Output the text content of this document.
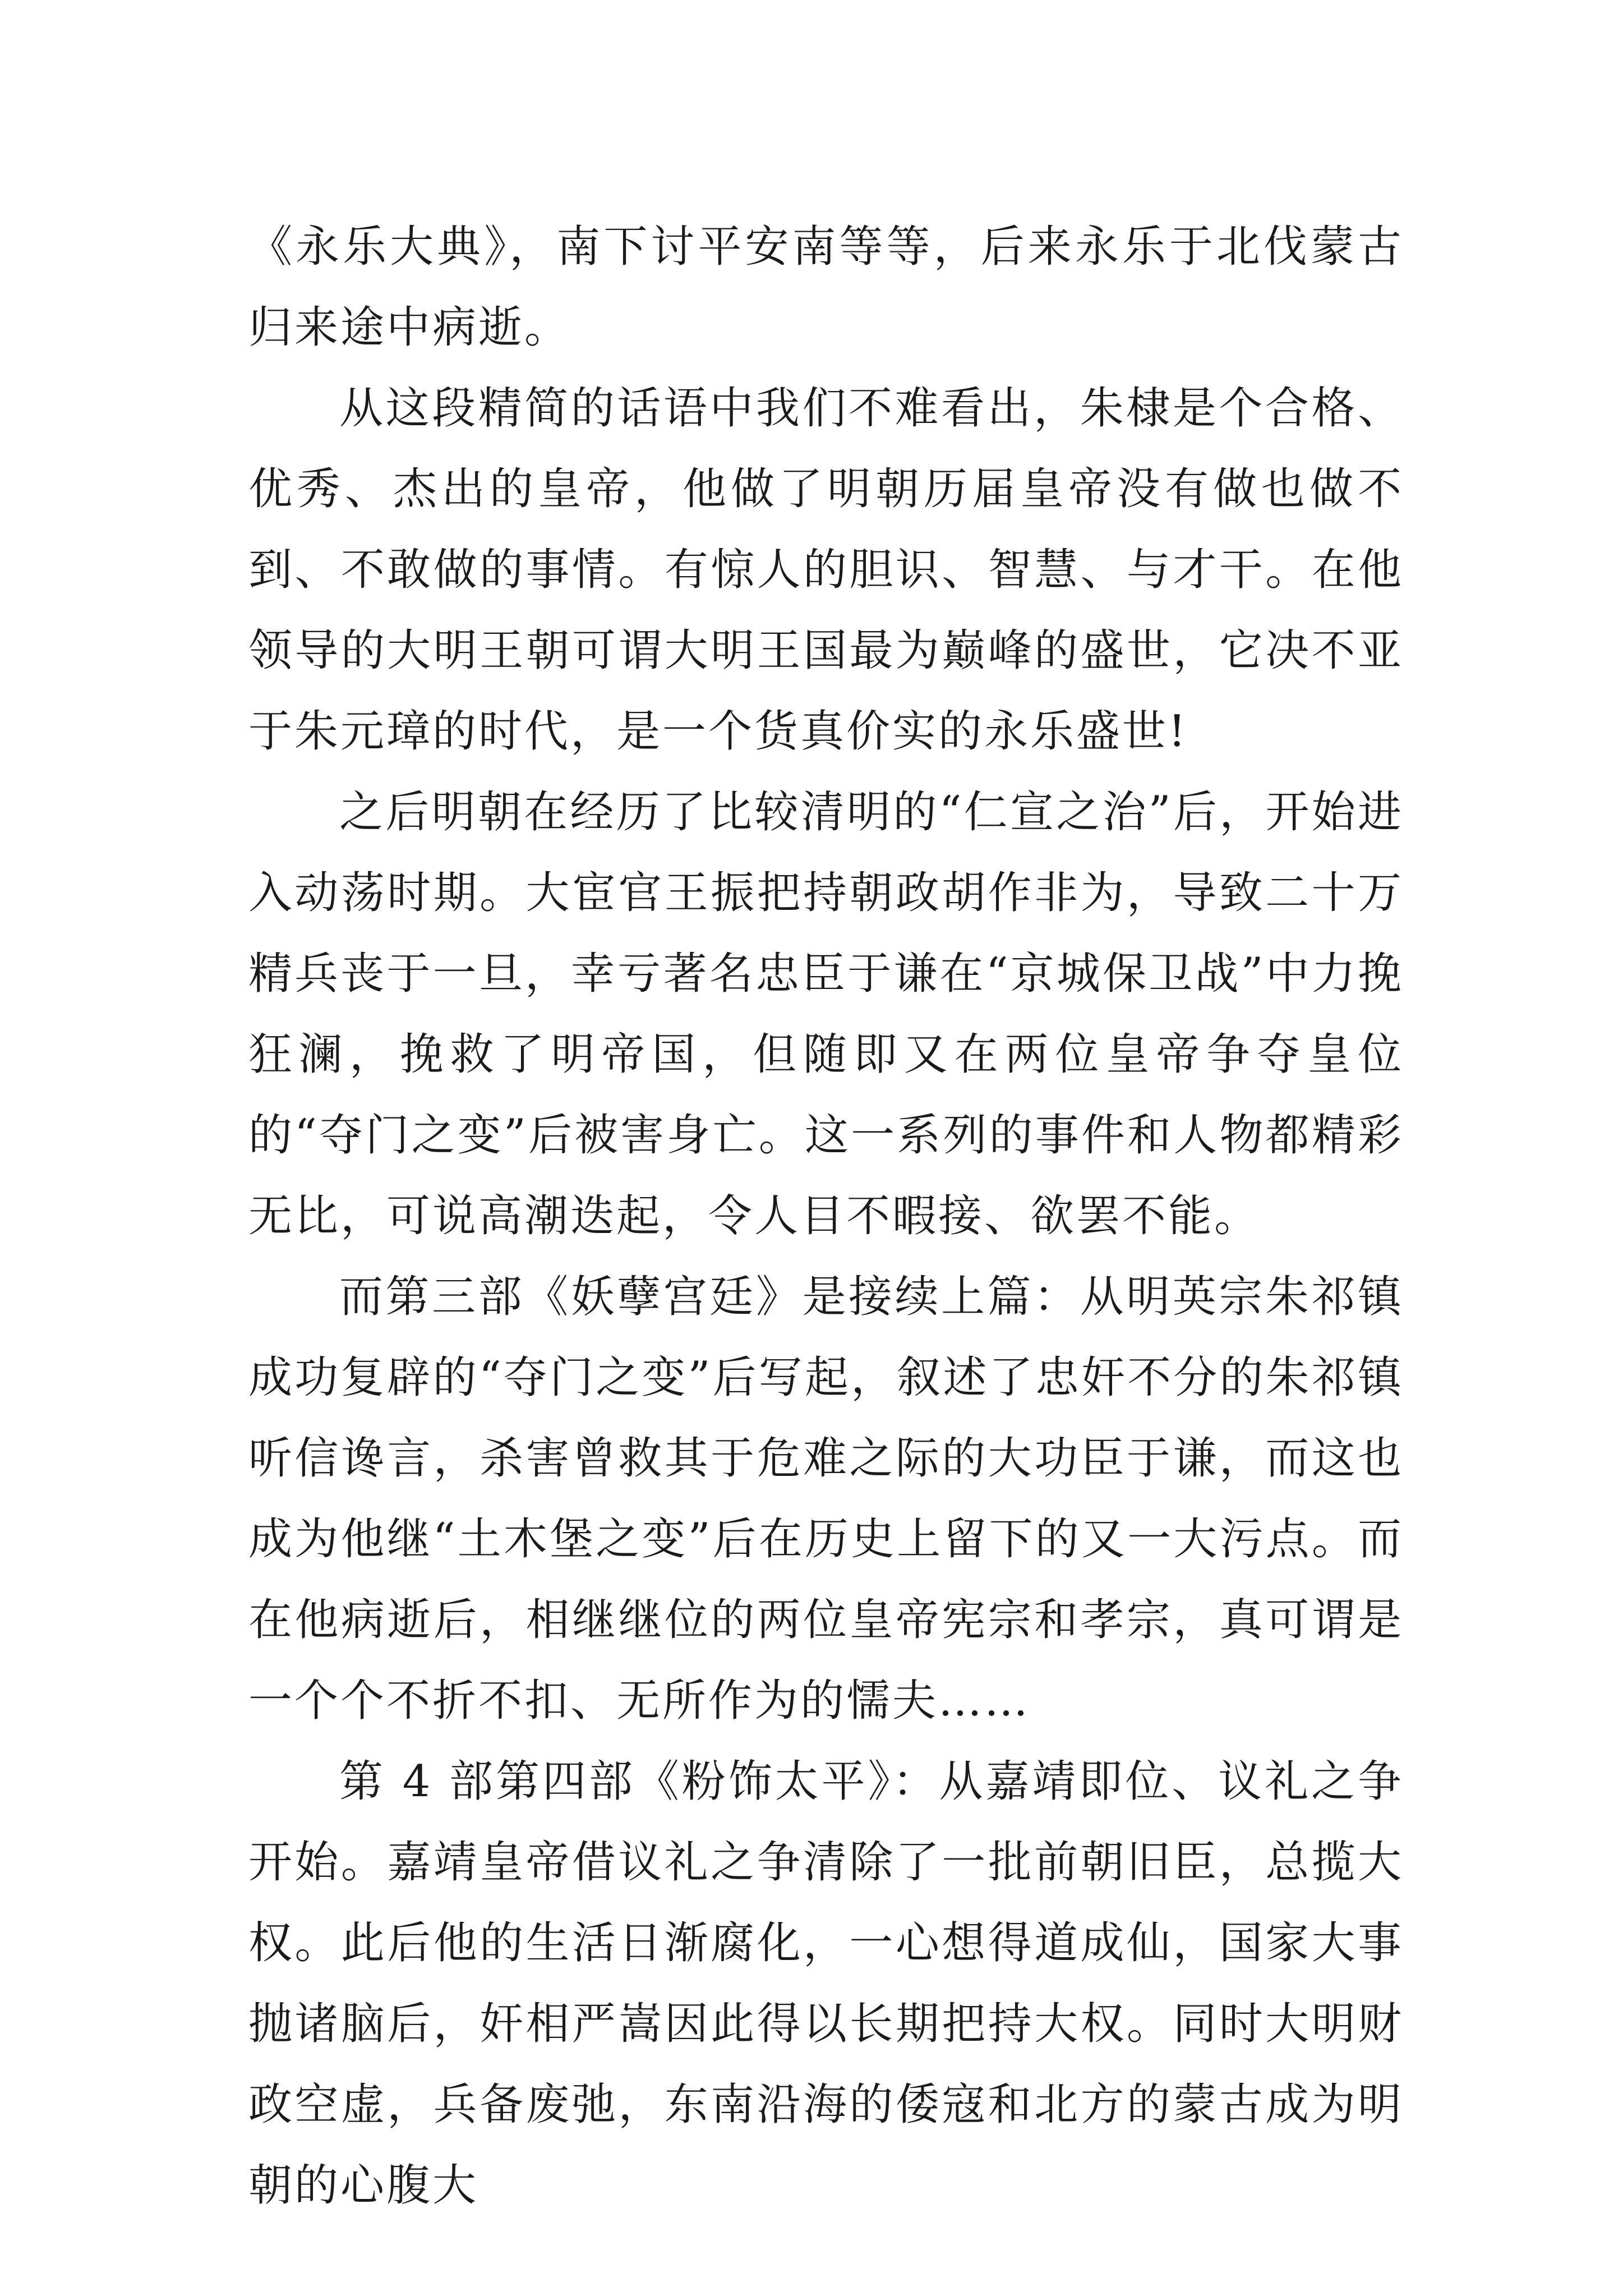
《永乐大典》，南下讨平安南等等，后来永乐于北伐蒙古归来途中病逝。

从这段精简的话语中我们不难看出，朱棣是个合格、优秀、杰出的皇帝，他做了明朝历届皇帝没有做也做不到、不敢做的事情。有惊人的胆识、智慧、与才干。在他领导的大明王朝可谓大明王国最为巅峰的盛世，它决不亚于朱元璋的时代，是一个货真价实的永乐盛世!

之后明朝在经历了比较清明的“仁宣之治”后，开始进入动荡时期。大宦官王振把持朝政胡作非为，导致二十万精兵丧于一旦，幸亏著名忠臣于谦在“京城保卫战”中力挽狂澜，挽救了明帝国，但随即又在两位皇帝争夺皇位的“夺门之变”后被害身亡。这一系列的事件和人物都精彩无比，可说高潮迭起，令人目不暇接、欲罢不能。

而第三部《妖孽宫廷》是接续上篇：从明英宗朱祁镇成功复辟的“夺门之变”后写起，叙述了忠奸不分的朱祁镇听信谗言，杀害曾救其于危难之际的大功臣于谦，而这也成为他继“土木堡之变”后在历史上留下的又一大污点。而在他病逝后，相继继位的两位皇帝宪宗和孝宗，真可谓是一个个不折不扣、无所作为的懦夫……

第 4 部第四部《粉饰太平》：从嘉靖即位、议礼之争开始。嘉靖皇帝借议礼之争清除了一批前朝旧臣，总揽大权。此后他的生活日渐腐化，一心想得道成仙，国家大事抛诸脑后，奸相严嵩因此得以长期把持大权。同时大明财政空虚，兵备废弛，东南沿海的倭寇和北方的蒙古成为明朝的心腹大
